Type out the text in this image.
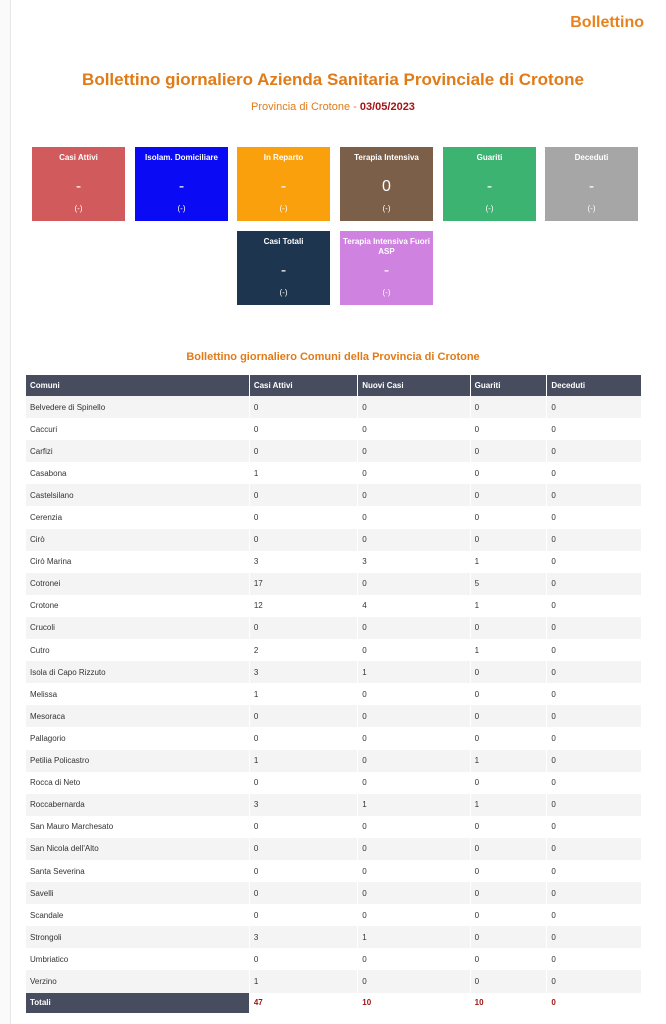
Bollettino
Bollettino giornaliero Azienda Sanitaria Provinciale di Crotone
Provincia di Crotone - 03/05/2023
Casi Attivi
-
(-)
Isolam. Domiciliare
-
(-)
In Reparto
-
(-)
Terapia Intensiva
0
(-)
Guariti
-
(-)
Deceduti
-
(-)
Casi Totali
-
(-)
Terapia Intensiva Fuori ASP
-
(-)
Bollettino giornaliero Comuni della Provincia di Crotone
Comuni	Casi Attivi	Nuovi Casi	Guariti	Deceduti
Belvedere di Spinello	0	0	0	0
Caccuri	0	0	0	0
Carfizi	0	0	0	0
Casabona	1	0	0	0
Castelsilano	0	0	0	0
Cerenzia	0	0	0	0
Cirò	0	0	0	0
Cirò Marina	3	3	1	0
Cotronei	17	0	5	0
Crotone	12	4	1	0
Crucoli	0	0	0	0
Cutro	2	0	1	0
Isola di Capo Rizzuto	3	1	0	0
Melissa	1	0	0	0
Mesoraca	0	0	0	0
Pallagorio	0	0	0	0
Petilia Policastro	1	0	1	0
Rocca di Neto	0	0	0	0
Roccabernarda	3	1	1	0
San Mauro Marchesato	0	0	0	0
San Nicola dell'Alto	0	0	0	0
Santa Severina	0	0	0	0
Savelli	0	0	0	0
Scandale	0	0	0	0
Strongoli	3	1	0	0
Umbriatico	0	0	0	0
Verzino	1	0	0	0
Totali	47	10	10	0
